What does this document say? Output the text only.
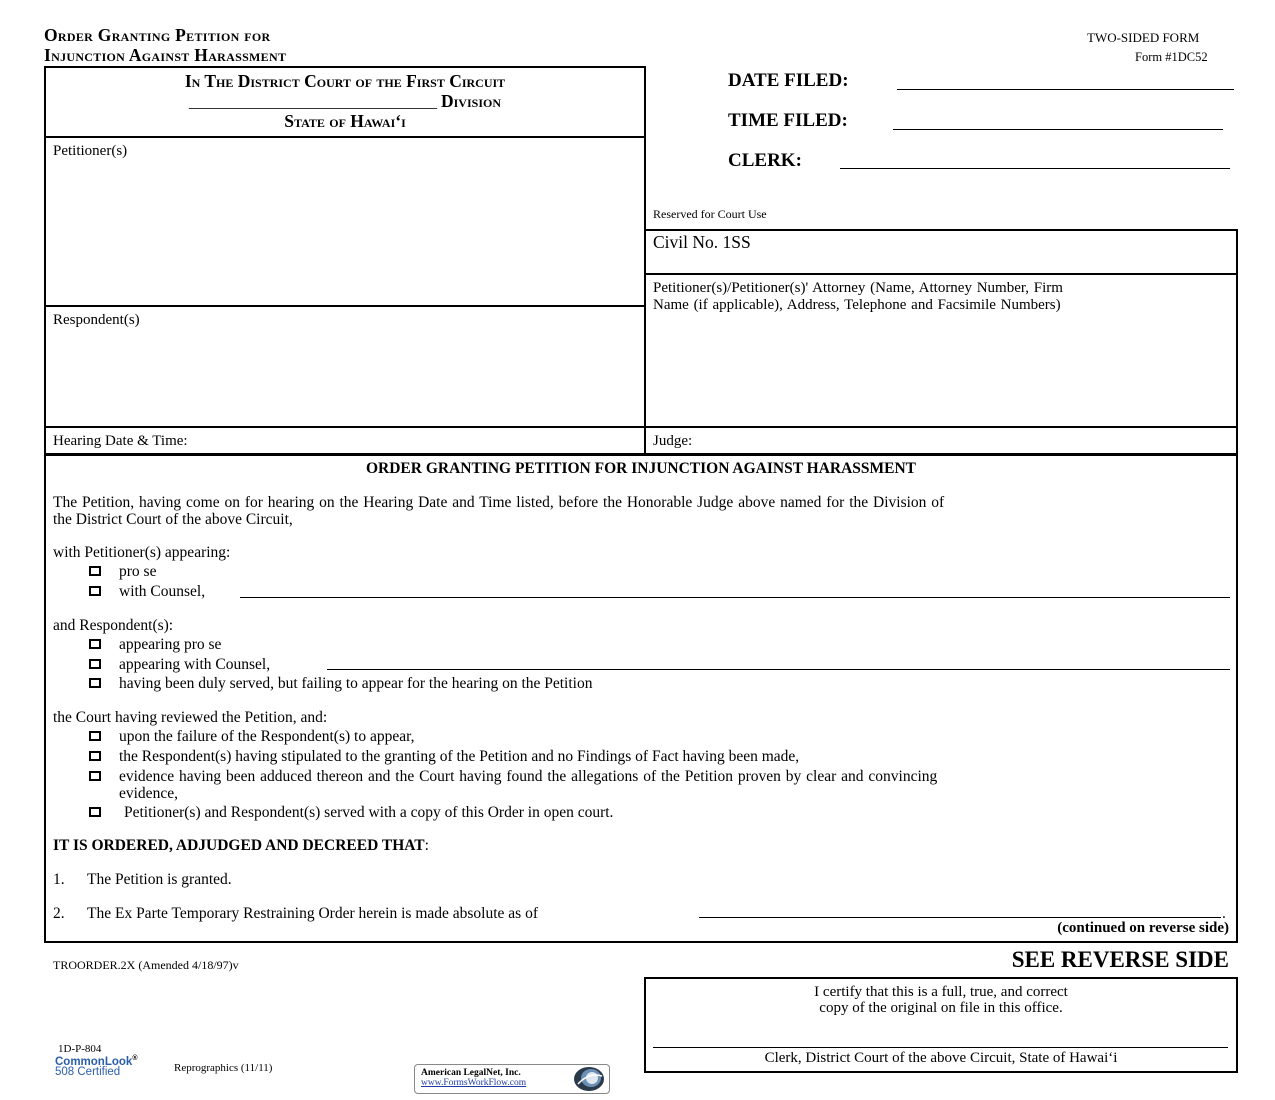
Order Granting Petition for
Injunction Against Harassment
TWO-SIDED FORM
Form #1DC52
In The District Court of the First Circuit
_______________________________ Division
State of Hawai‘i
Petitioner(s)
Respondent(s)
DATE FILED:
TIME FILED:
CLERK:
Reserved for Court Use
Civil No. 1SS
Petitioner(s)/Petitioner(s)' Attorney (Name, Attorney Number, Firm
Name (if applicable), Address, Telephone and Facsimile Numbers)
Hearing Date & Time:	Judge:
ORDER GRANTING PETITION FOR INJUNCTION AGAINST HARASSMENT
The Petition, having come on for hearing on the Hearing Date and Time listed, before the Honorable Judge above named for the Division of
the District Court of the above Circuit,
with Petitioner(s) appearing:
pro se
with Counsel,
and Respondent(s):
appearing pro se
appearing with Counsel,
having been duly served, but failing to appear for the hearing on the Petition
the Court having reviewed the Petition, and:
upon the failure of the Respondent(s) to appear,
the Respondent(s) having stipulated to the granting of the Petition and no Findings of Fact having been made,
evidence having been adduced thereon and the Court having found the allegations of the Petition proven by clear and convincing
evidence,
Petitioner(s) and Respondent(s) served with a copy of this Order in open court.
IT IS ORDERED, ADJUDGED AND DECREED THAT:
1. The Petition is granted.
2. The Ex Parte Temporary Restraining Order herein is made absolute as of	.
(continued on reverse side)
TROORDER.2X (Amended 4/18/97)v	SEE REVERSE SIDE
I certify that this is a full, true, and correct
copy of the original on file in this office.
Clerk, District Court of the above Circuit, State of Hawai‘i
1D-P-804
CommonLook®
508 Certified	Reprographics (11/11)	American LegalNet, Inc.
www.FormsWorkFlow.com
